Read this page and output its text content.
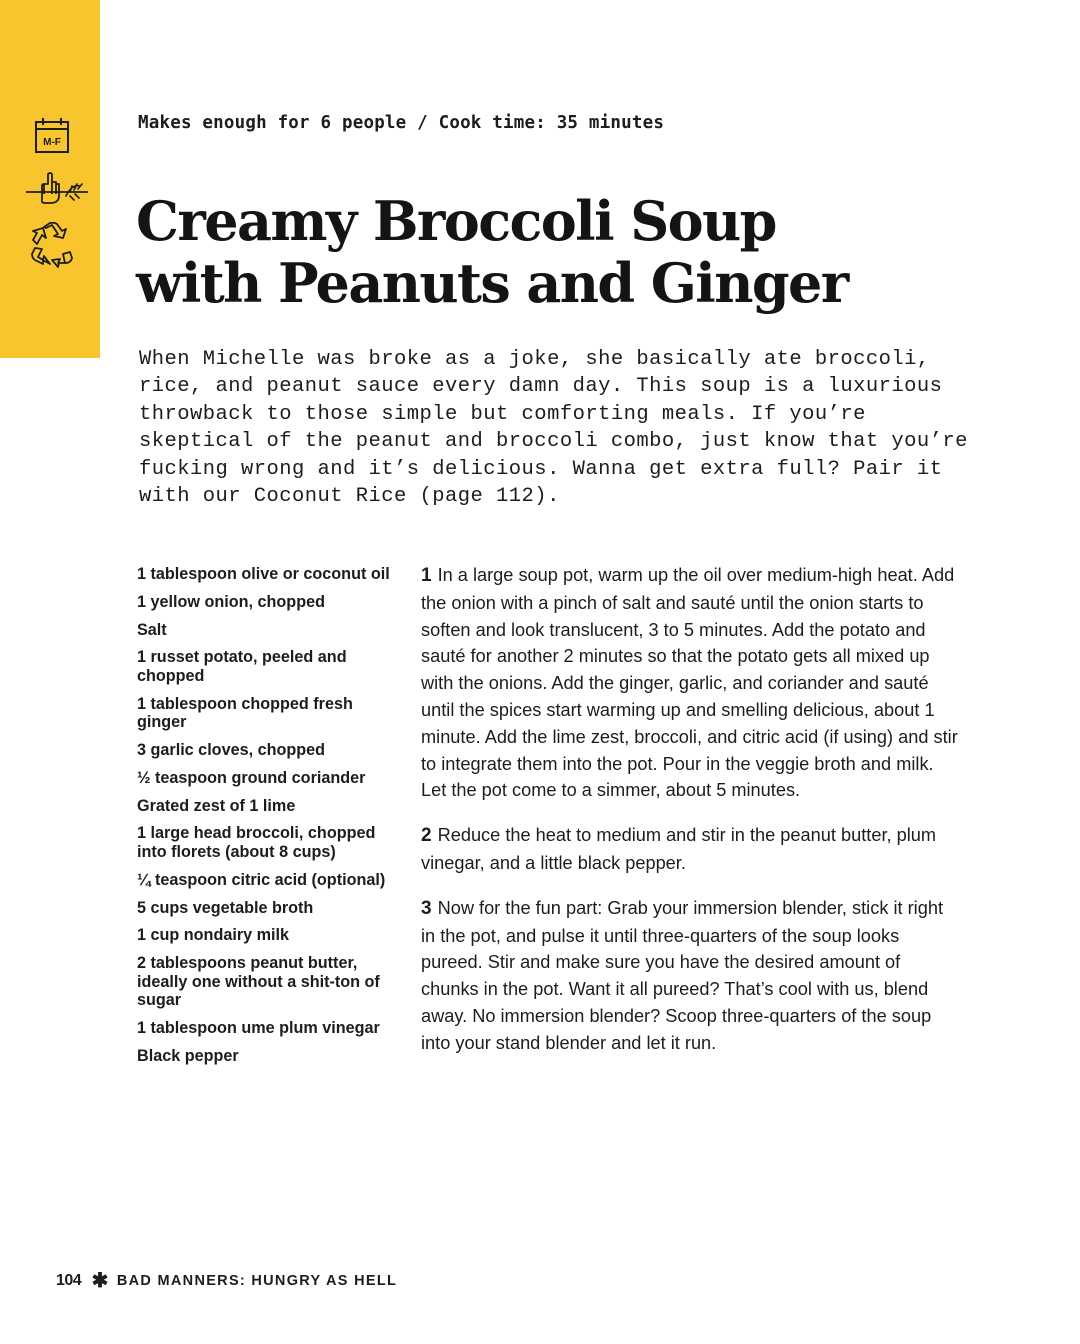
M-F
Makes enough for 6 people / Cook time: 35 minutes
Creamy Broccoli Soup
with Peanuts and Ginger

When Michelle was broke as a joke, she basically ate broccoli, rice, and peanut sauce every damn day. This soup is a luxurious throwback to those simple but comforting meals. If you’re skeptical of the peanut and broccoli combo, just know that you’re fucking wrong and it’s delicious. Wanna get extra full? Pair it with our Coconut Rice (page 112).

1 tablespoon olive or coconut oil
1 yellow onion, chopped
Salt
1 russet potato, peeled and chopped
1 tablespoon chopped fresh ginger
3 garlic cloves, chopped
½ teaspoon ground coriander
Grated zest of 1 lime
1 large head broccoli, chopped into florets (about 8 cups)
¼ teaspoon citric acid (optional)
5 cups vegetable broth
1 cup nondairy milk
2 tablespoons peanut butter, ideally one without a shit-ton of sugar
1 tablespoon ume plum vinegar
Black pepper

1 In a large soup pot, warm up the oil over medium-high heat. Add the onion with a pinch of salt and sauté until the onion starts to soften and look translucent, 3 to 5 minutes. Add the potato and sauté for another 2 minutes so that the potato gets all mixed up with the onions. Add the ginger, garlic, and coriander and sauté until the spices start warming up and smelling delicious, about 1 minute. Add the lime zest, broccoli, and citric acid (if using) and stir to integrate them into the pot. Pour in the veggie broth and milk. Let the pot come to a simmer, about 5 minutes.

2 Reduce the heat to medium and stir in the peanut butter, plum vinegar, and a little black pepper.

3 Now for the fun part: Grab your immersion blender, stick it right in the pot, and pulse it until three-quarters of the soup looks pureed. Stir and make sure you have the desired amount of chunks in the pot. Want it all pureed? That’s cool with us, blend away. No immersion blender? Scoop three-quarters of the soup into your stand blender and let it run.

104 ✱ BAD MANNERS: HUNGRY AS HELL
